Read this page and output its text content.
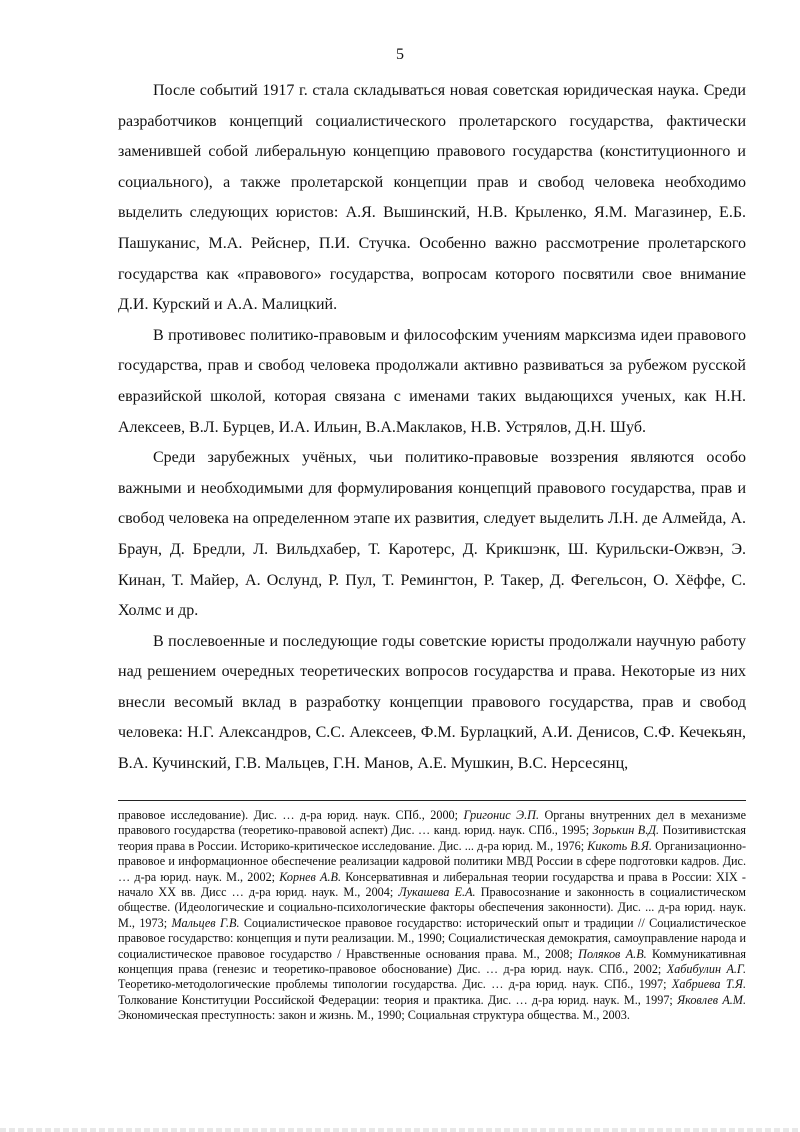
5

После событий 1917 г. стала складываться новая советская юридическая наука. Среди разработчиков концепций социалистического пролетарского государства, фактически заменившей собой либеральную концепцию правового государства (конституционного и социального), а также пролетарской концепции прав и свобод человека необходимо выделить следующих юристов: А.Я. Вышинский, Н.В. Крыленко, Я.М. Магазинер, Е.Б. Пашуканис, М.А. Рейснер, П.И. Стучка. Особенно важно рассмотрение пролетарского государства как «правового» государства, вопросам которого посвятили свое внимание Д.И. Курский и А.А. Малицкий.

В противовес политико-правовым и философским учениям марксизма идеи правового государства, прав и свобод человека продолжали активно развиваться за рубежом русской евразийской школой, которая связана с именами таких выдающихся ученых, как Н.Н. Алексеев, В.Л. Бурцев, И.А. Ильин, В.А.Маклаков, Н.В. Устрялов, Д.Н. Шуб.

Среди зарубежных учёных, чьи политико-правовые воззрения являются особо важными и необходимыми для формулирования концепций правового государства, прав и свобод человека на определенном этапе их развития, следует выделить Л.Н. де Алмейда, А. Браун, Д. Бредли, Л. Вильдхабер, Т. Каротерс, Д. Крикшэнк, Ш. Курильски-Ожвэн, Э. Кинан, Т. Майер, А. Ослунд, Р. Пул, Т. Ремингтон, Р. Такер, Д. Фегельсон, О. Хёффе, С. Холмс и др.

В послевоенные и последующие годы советские юристы продолжали научную работу над решением очередных теоретических вопросов государства и права. Некоторые из них внесли весомый вклад в разработку концепции правового государства, прав и свобод человека: Н.Г. Александров, С.С. Алексеев, Ф.М. Бурлацкий, А.И. Денисов, С.Ф. Кечекьян, В.А. Кучинский, Г.В. Мальцев, Г.Н. Манов, А.Е. Мушкин, В.С. Нерсесянц,

правовое исследование). Дис. … д-ра юрид. наук. СПб., 2000; Григонис Э.П. Органы внутренних дел в механизме правового государства (теоретико-правовой аспект) Дис. … канд. юрид. наук. СПб., 1995; Зорькин В.Д. Позитивистская теория права в России. Историко-критическое исследование. Дис. ... д-ра юрид. М., 1976; Кикоть В.Я. Организационно-правовое и информационное обеспечение реализации кадровой политики МВД России в сфере подготовки кадров. Дис. … д-ра юрид. наук. М., 2002; Корнев А.В. Консервативная и либеральная теории государства и права в России: XIX - начало XX вв. Дисс … д-ра юрид. наук. М., 2004; Лукашева Е.А. Правосознание и законность в социалистическом обществе. (Идеологические и социально-психологические факторы обеспечения законности). Дис. ... д-ра юрид. наук. М., 1973; Мальцев Г.В. Социалистическое правовое государство: исторический опыт и традиции // Социалистическое правовое государство: концепция и пути реализации. М., 1990; Социалистическая демократия, самоуправление народа и социалистическое правовое государство / Нравственные основания права. М., 2008; Поляков А.В. Коммуникативная концепция права (генезис и теоретико-правовое обоснование) Дис. … д-ра юрид. наук. СПб., 2002; Хабибулин А.Г. Теоретико-методологические проблемы типологии государства. Дис. … д-ра юрид. наук. СПб., 1997; Хабриева Т.Я. Толкование Конституции Российской Федерации: теория и практика. Дис. … д-ра юрид. наук. М., 1997; Яковлев А.М. Экономическая преступность: закон и жизнь. М., 1990; Социальная структура общества. М., 2003.
